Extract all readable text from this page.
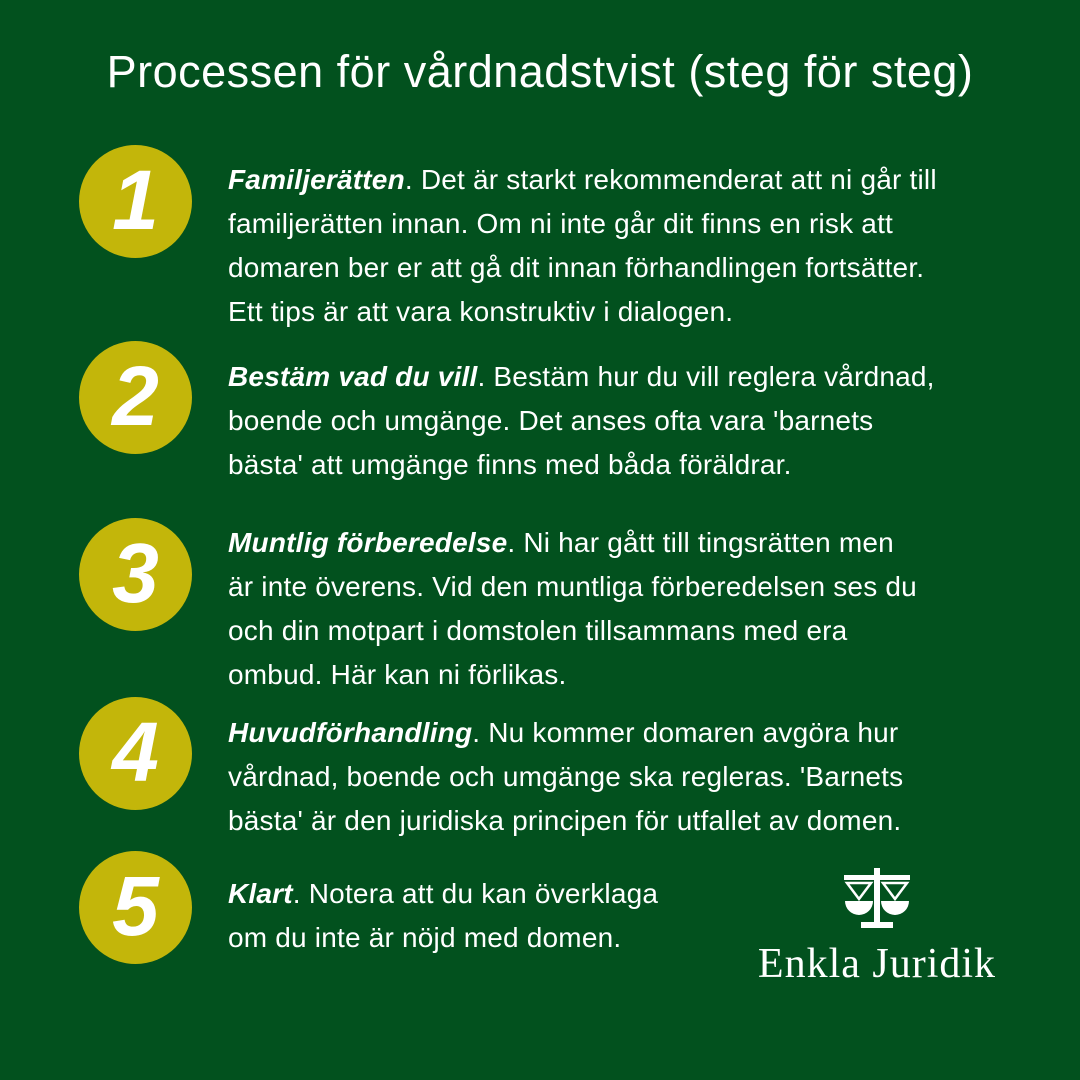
Processen för vårdnadstvist (steg för steg)
1 Familjerätten. Det är starkt rekommenderat att ni går till
familjerätten innan. Om ni inte går dit finns en risk att
domaren ber er att gå dit innan förhandlingen fortsätter.
Ett tips är att vara konstruktiv i dialogen.
2 Bestäm vad du vill. Bestäm hur du vill reglera vårdnad,
boende och umgänge. Det anses ofta vara 'barnets
bästa' att umgänge finns med båda föräldrar.
3 Muntlig förberedelse. Ni har gått till tingsrätten men
är inte överens. Vid den muntliga förberedelsen ses du
och din motpart i domstolen tillsammans med era
ombud. Här kan ni förlikas.
4 Huvudförhandling. Nu kommer domaren avgöra hur
vårdnad, boende och umgänge ska regleras. 'Barnets
bästa' är den juridiska principen för utfallet av domen.
5 Klart. Notera att du kan överklaga
om du inte är nöjd med domen.
Enkla Juridik
